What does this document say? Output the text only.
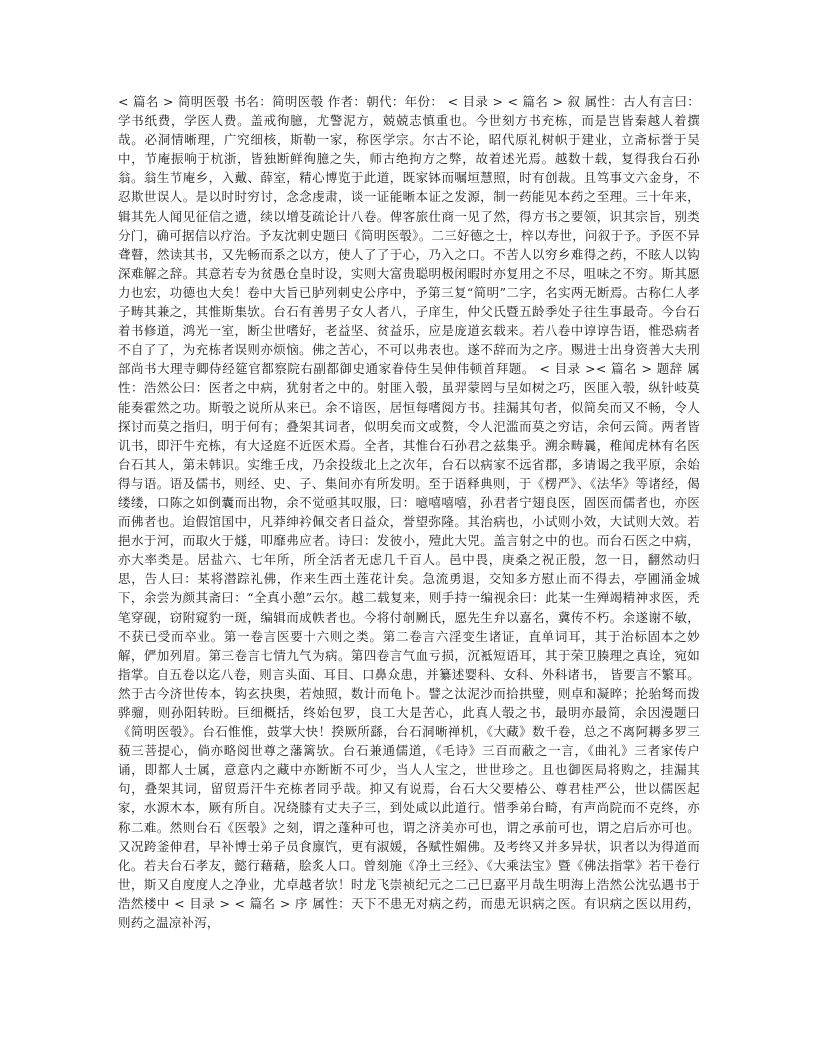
< 篇名 > 简明医彀 书名：简明医彀 作者：朝代：年份： < 目录 > < 篇名 > 叙 属性：古人有言曰：学书纸费，学医人费。盖戒徇臆，尤警泥方，兢兢志慎重也。今世刻方书充栋，而是岂皆秦越人着撰哉。必洞情晰理，广究细核，斯勒一家，称医学宗。尔古不论，昭代原礼树帜于建业，立斋标誉于吴中，节庵振响于杭浙，皆独断鲜徇臆之失，师古绝拘方之弊，故着述光焉。越数十载，复得我台石孙翁。翁生节庵乡，入戴、薛室，精心博览于此道，既家钵而嘱垣慧照，时有创裁。且笃事文六金身，不忍欺世误人。是以时时穷讨，念念虔肃，谈一证能晰本证之发源，制一药能见本药之至理。三十年来，辑其先人闻见征信之遗，续以增芟疏论计八卷。俾客旅仕商一见了然，得方书之要领，识其宗旨，别类分门，确可据信以疗治。予友沈刺史题曰《简明医彀》。二三好德之士，梓以寿世，问叙于予。予医不异聋瞽，然读其书，又先畅而系之以方，使人了了于心，乃入之口。不苦人以穷乡难得之药，不眩人以钩深难解之辞。其意若专为贫愚仓皇时设，实则大富贵聪明极闲暇时亦复用之不尽，咀味之不穷。斯其愿力也宏，功德也大矣！卷中大旨已胪列刺史公序中，予第三复“简明”二字，名实两无断焉。古称仁人孝子畴其兼之，其惟斯集欤。台石有善男子女人者八，子庠生，仲父氏暨五龄季处子往生事最奇。今台石着书修道，鸿光一室，断尘世嗜好，老益坚、贫益乐，应是庞道玄载来。若八卷中谆谆告语，惟恐病者不自了了，为充栋者误则亦烦恼。佛之苦心，不可以弗表也。遂不辞而为之序。赐进士出身资善大夫刑部尚书大理寺卿侍经筵官都察院右副都御史通家眷侍生吴伸伟顿首拜题。 < 目录 >< 篇名 > 题辞 属性：浩然公曰：医者之中病，犹射者之中的。射匪入彀，虽羿蒙罔与呈如树之巧，医匪入彀，纵针岐莫能奏霍然之功。斯彀之说所从来已。余不谙医，居恒每嗜阅方书。挂漏其句者，似简矣而又不畅，令人探讨而莫之指归，明于何有；叠架其词者，似明矣而文或赘，令人汜滥而莫之穷诘，余何云简。两者皆讥书，即汗牛充栋，有大迳庭不近医术焉。全者，其惟台石孙君之兹集乎。溯余畴曩，稚闻虎林有名医台石其人，第未韩识。实维壬戌，乃余投绂北上之次年，台石以病家不远省郡，多请谒之我平原，余始得与语。语及儒书，则经、史、子、集间亦有所发明。至于语释典则，于《楞严》、《法华》等诸经，偈缕缕，口陈之如倒囊而出物，余不觉亟其叹服，曰：噫嘻嘻嘻，孙君者宁翅良医，固医而儒者也，亦医而佛者也。迨假馆国中，凡莽绅衿佩交者日益众，誉望弥隆。其治病也，小试则小效，大试则大效。若挹水于河，而取火于燧，叩靡弗应者。诗曰：发彼小，殪此大兕。盖言射之中的也。而台石医之中病，亦大率类是。居盐六、七年所，所全活者无虑几千百人。邑中畏，庚桑之祝正殷，忽一日，翻然动归思，告人曰：某将潜踪礼佛，作来生西土莲花计矣。急流勇退，交知多方慰止而不得去，亭圃涌金城下，余尝为颜其斋曰：“全真小憩”云尔。越二载复来，则手持一编视余曰：此某一生殚竭精神求医，秃笔穿砚，窃附窥豹一斑，编辑而成帙者也。今将付剞劂氏，愿先生弁以嘉名，冀传不朽。余遂谢不敏，不获已受而卒业。第一卷言医要十六则之类。第二卷言六淫变生诸证，直单词耳，其于治标固本之妙解，俨加列眉。第三卷言七情九气为病。第四卷言气血亏损，沉袛短语耳，其于荣卫腠理之真诠，宛如指掌。自五卷以迄八卷，则言头面、耳目、口鼻众患，并纂述婴科、女科、外科诸书， 皆要言不繁耳。然于古今济世传本，钩玄抉奥，若烛照，数计而龟卜。譬之汰泥沙而拾拱璧，则卓和凝晬；抡骀驽而拨骅骝，则孙阳转盼。巨细概括，终始包罗，良工大是苦心，此真人彀之书，最明亦最简，余因漫题曰《简明医彀》。台石惟惟，鼓掌大快！揆厥所繇，台石洞晰禅机，《大藏》数千卷，总之不离阿耨多罗三藐三菩提心，倘亦略阅世尊之藩篱欤。台石兼通儒道，《毛诗》三百而蔽之一言，《曲礼》三者家传户诵，即都人士属，意意内之藏中亦断断不可少，当人人宝之，世世珍之。且也御医局将购之，挂漏其句，叠架其词，留贸焉汗牛充栋者同乎哉。抑又有说焉，台石大父要椿公、尊君桂严公，世以儒医起家，水源木本，厥有所自。况绕膝有丈夫子三，到处咸以此道行。惜季弟台畸，有声尚院而不克终，亦称二难。然则台石《医彀》之刻，谓之蓬种可也，谓之济美亦可也，谓之承前可也，谓之启后亦可也。又况跨釜伸君，早补博士弟子员食廪饩，更有淑媛，各赋性媚佛。及考终又并多异状，识者以为得道而化。若夫台石孝友，懿行藉藉，脍炙人口。曾刻施《净土三经》、《大乘法宝》暨《佛法指掌》若干卷行世，斯又自度度人之净业，尤卓越者欤！时龙飞崇祯纪元之二己巳嘉平月哉生明海上浩然公沈弘遇书于浩然楼中 < 目录 > < 篇名 > 序 属性：天下不患无对病之药，而患无识病之医。有识病之医以用药，则药之温凉补泻，
